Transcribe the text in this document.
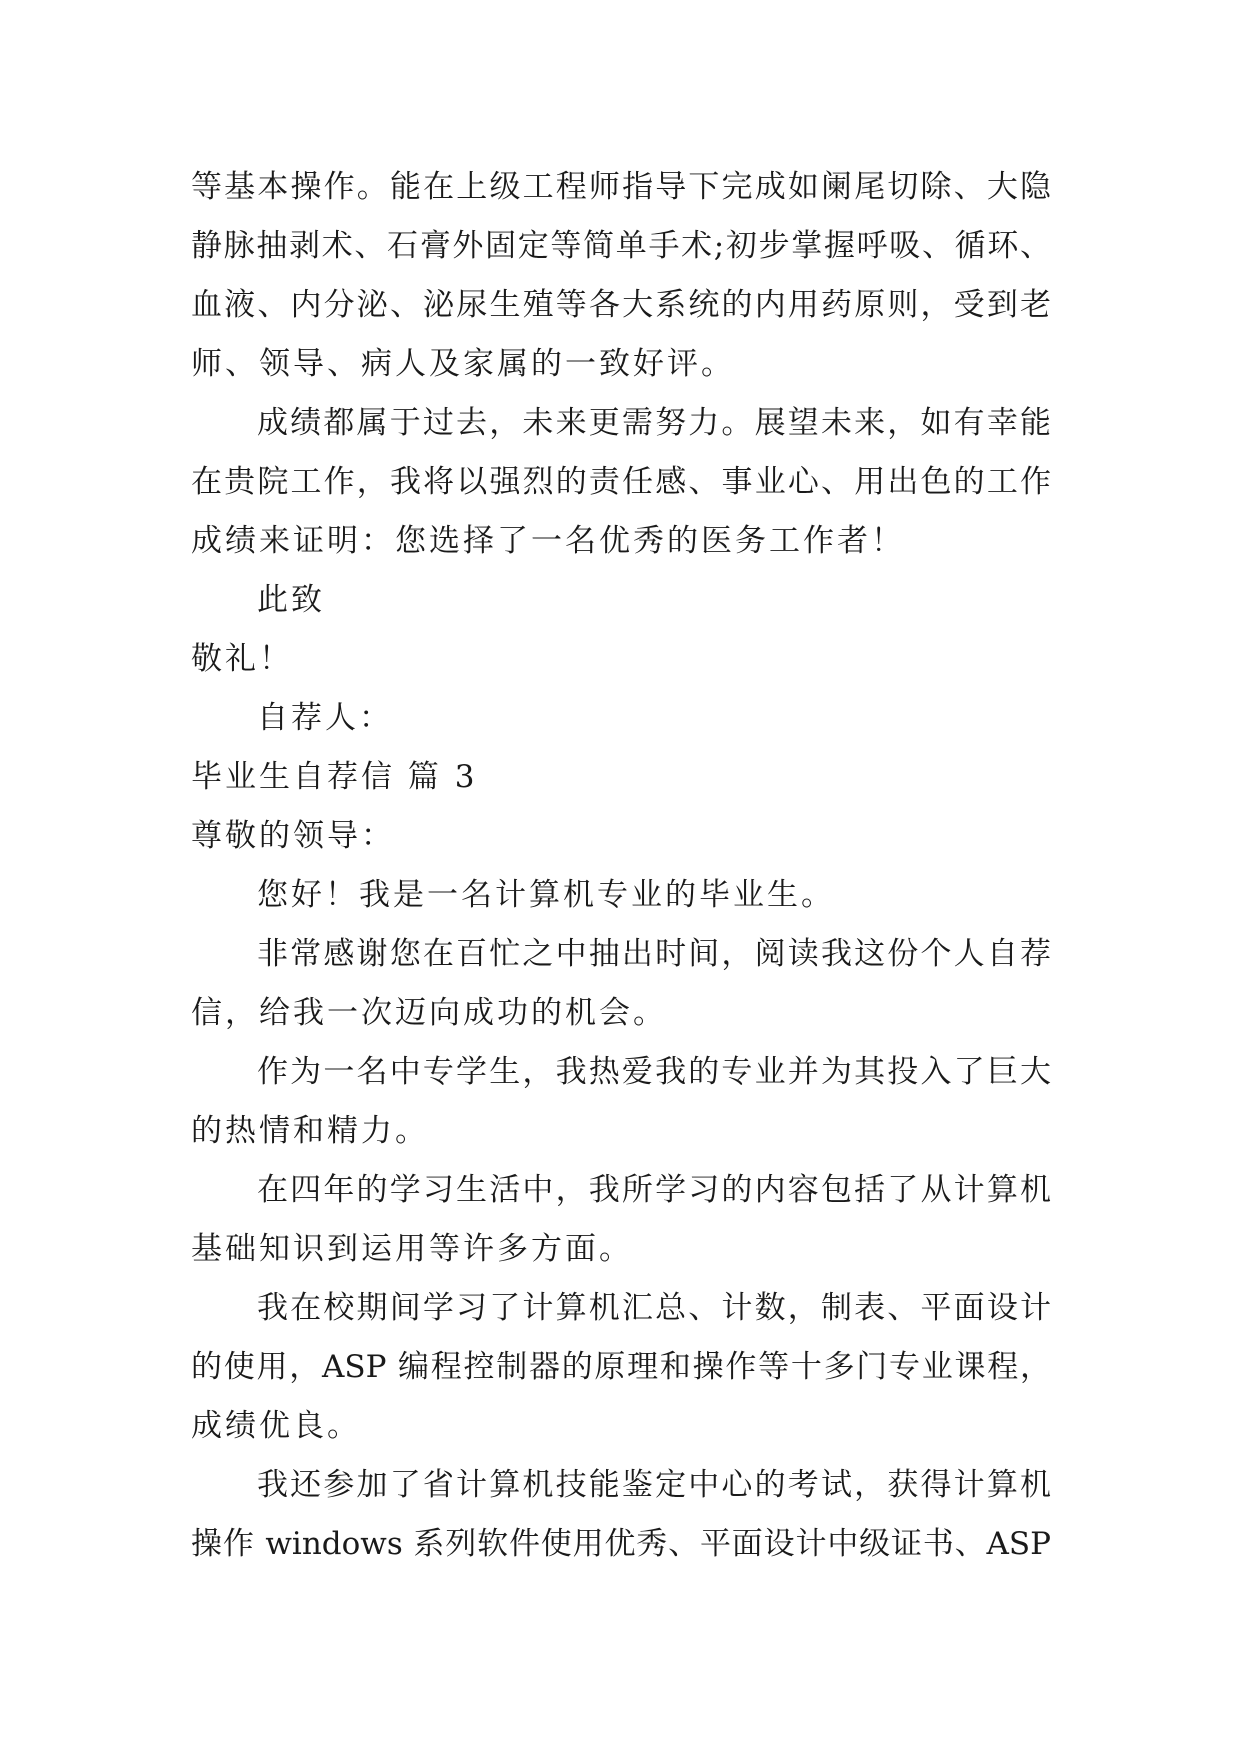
等基本操作。能在上级工程师指导下完成如阑尾切除、大隐
静脉抽剥术、石膏外固定等简单手术;初步掌握呼吸、循环、
血液、内分泌、泌尿生殖等各大系统的内用药原则，受到老
师、领导、病人及家属的一致好评。
成绩都属于过去，未来更需努力。展望未来，如有幸能
在贵院工作，我将以强烈的责任感、事业心、用出色的工作
成绩来证明：您选择了一名优秀的医务工作者！
此致
敬礼！
自荐人：
毕业生自荐信 篇 3
尊敬的领导：
您好！我是一名计算机专业的毕业生。
非常感谢您在百忙之中抽出时间，阅读我这份个人自荐
信，给我一次迈向成功的机会。
作为一名中专学生，我热爱我的专业并为其投入了巨大
的热情和精力。
在四年的学习生活中，我所学习的内容包括了从计算机
基础知识到运用等许多方面。
我在校期间学习了计算机汇总、计数，制表、平面设计
的使用，ASP 编程控制器的原理和操作等十多门专业课程，
成绩优良。
我还参加了省计算机技能鉴定中心的考试，获得计算机
操作 windows 系列软件使用优秀、平面设计中级证书、ASP
